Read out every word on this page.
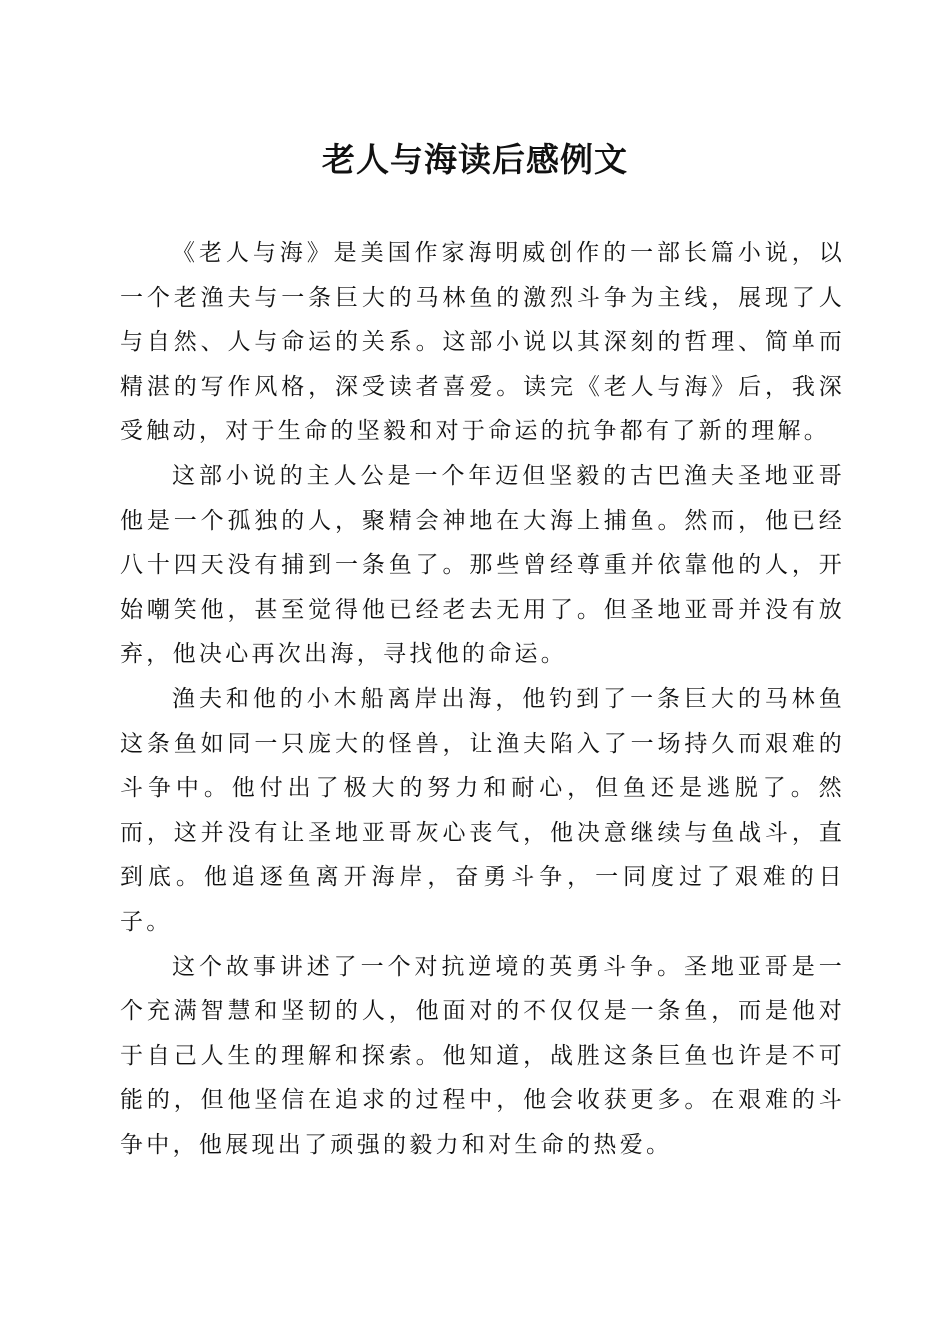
老人与海读后感例文

《老人与海》是美国作家海明威创作的一部长篇小说，以一个老渔夫与一条巨大的马林鱼的激烈斗争为主线，展现了人与自然、人与命运的关系。这部小说以其深刻的哲理、简单而精湛的写作风格，深受读者喜爱。读完《老人与海》后，我深受触动，对于生命的坚毅和对于命运的抗争都有了新的理解。

这部小说的主人公是一个年迈但坚毅的古巴渔夫圣地亚哥他是一个孤独的人，聚精会神地在大海上捕鱼。然而，他已经八十四天没有捕到一条鱼了。那些曾经尊重并依靠他的人，开始嘲笑他，甚至觉得他已经老去无用了。但圣地亚哥并没有放弃，他决心再次出海，寻找他的命运。

渔夫和他的小木船离岸出海，他钓到了一条巨大的马林鱼这条鱼如同一只庞大的怪兽，让渔夫陷入了一场持久而艰难的斗争中。他付出了极大的努力和耐心，但鱼还是逃脱了。然而，这并没有让圣地亚哥灰心丧气，他决意继续与鱼战斗，直到底。他追逐鱼离开海岸，奋勇斗争，一同度过了艰难的日子。

这个故事讲述了一个对抗逆境的英勇斗争。圣地亚哥是一个充满智慧和坚韧的人，他面对的不仅仅是一条鱼，而是他对于自己人生的理解和探索。他知道，战胜这条巨鱼也许是不可能的，但他坚信在追求的过程中，他会收获更多。在艰难的斗争中，他展现出了顽强的毅力和对生命的热爱。
